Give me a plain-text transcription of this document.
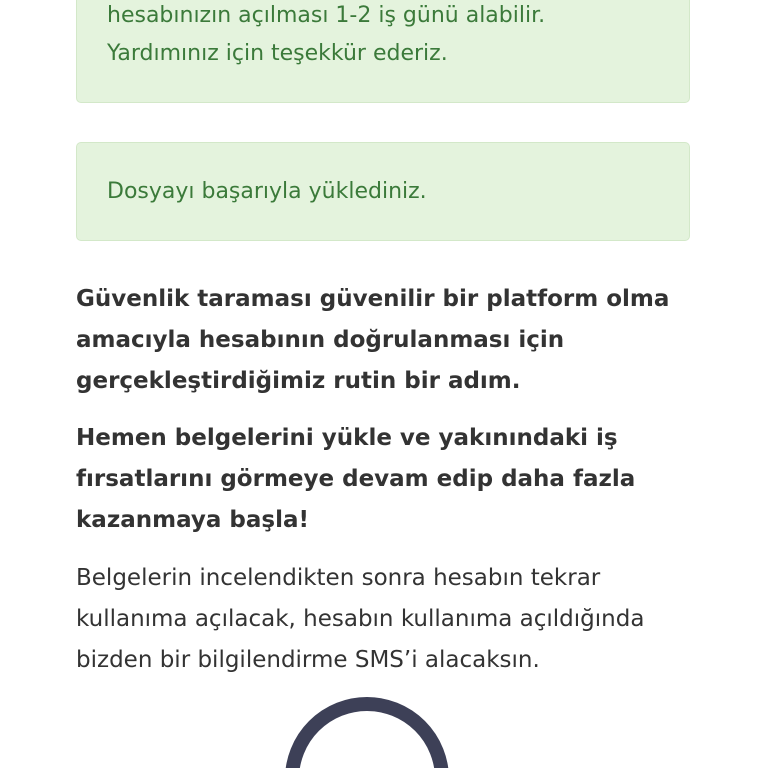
hesabınızın açılması 1-2 iş günü alabilir.

Yardımınız için teşekkür ederiz.

Dosyayı başarıyla yüklediniz.

Güvenlik taraması güvenilir bir platform olma

amacıyla hesabının doğrulanması için

gerçekleştirdiğimiz rutin bir adım.

Hemen belgelerini yükle ve yakınındaki iş

fırsatlarını görmeye devam edip daha fazla

kazanmaya başla!

Belgelerin incelendikten sonra hesabın tekrar

kullanıma açılacak, hesabın kullanıma açıldığında

bizden bir bilgilendirme SMS’i alacaksın.
